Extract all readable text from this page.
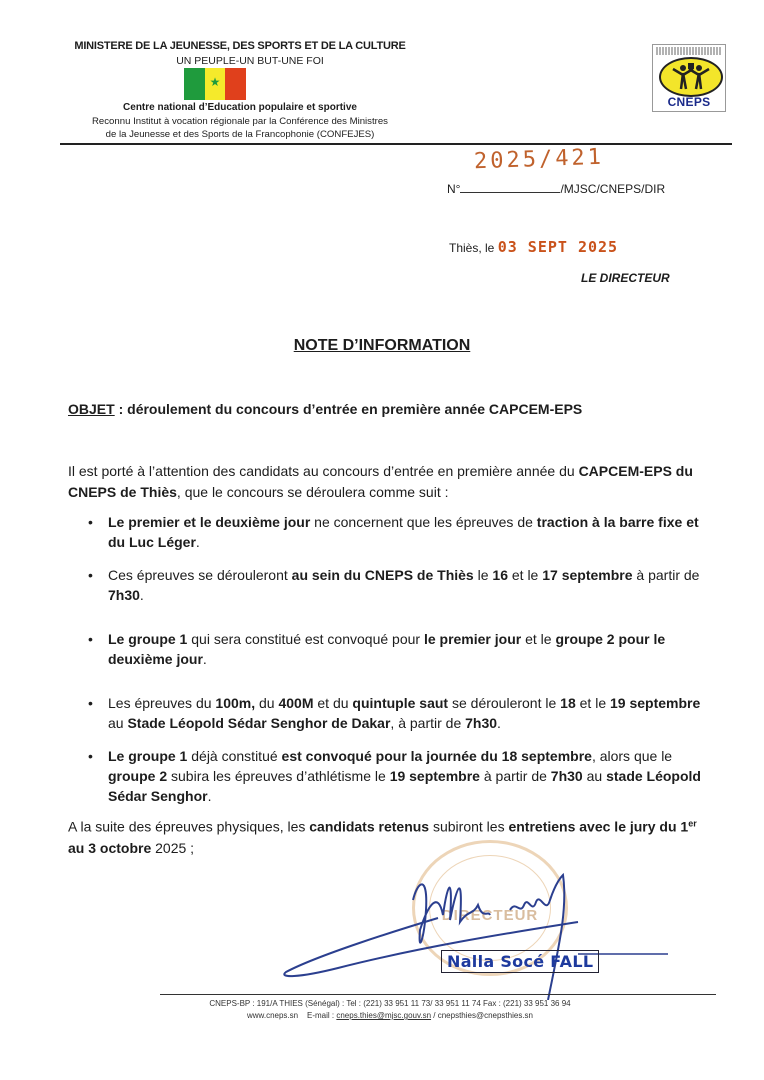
MINISTERE DE LA JEUNESSE, DES SPORTS ET DE LA CULTURE
UN PEUPLE-UN BUT-UNE FOI
★
Centre national d’Education populaire et sportive
Reconnu Institut à vocation régionale par la Conférence des Ministres
de la Jeunesse et des Sports de la Francophonie (CONFEJES)
CNEPS
2025/421
N°	/MJSC/CNEPS/DIR
Thiès, le 03 SEPT 2025
LE DIRECTEUR
NOTE D’INFORMATION
OBJET : déroulement du concours d’entrée en première année CAPCEM-EPS
Il est porté à l’attention des candidats au concours d’entrée en première année du CAPCEM-EPS du CNEPS de Thiès, que le concours se déroulera comme suit :
• Le premier et le deuxième jour ne concernent que les épreuves de traction à la barre fixe et du Luc Léger.
• Ces épreuves se dérouleront au sein du CNEPS de Thiès le 16 et le 17 septembre à partir de 7h30.
• Le groupe 1 qui sera constitué est convoqué pour le premier jour et le groupe 2 pour le deuxième jour.
• Les épreuves du 100m, du 400M et du quintuple saut se dérouleront le 18 et le 19 septembre au Stade Léopold Sédar Senghor de Dakar, à partir de 7h30.
• Le groupe 1 déjà constitué est convoqué pour la journée du 18 septembre, alors que le groupe 2 subira les épreuves d’athlétisme le 19 septembre à partir de 7h30 au stade Léopold Sédar Senghor.
A la suite des épreuves physiques, les candidats retenus subiront les entretiens avec le jury du 1er au 3 octobre 2025 ;
DIRECTEUR
Nalla Socé FALL
CNEPS-BP : 191/A THIES (Sénégal) : Tel : (221) 33 951 11 73/ 33 951 11 74 Fax : (221) 33 951 36 94
www.cneps.sn E-mail : cneps.thies@mjsc.gouv.sn / cnepsthies@cnepsthies.sn
